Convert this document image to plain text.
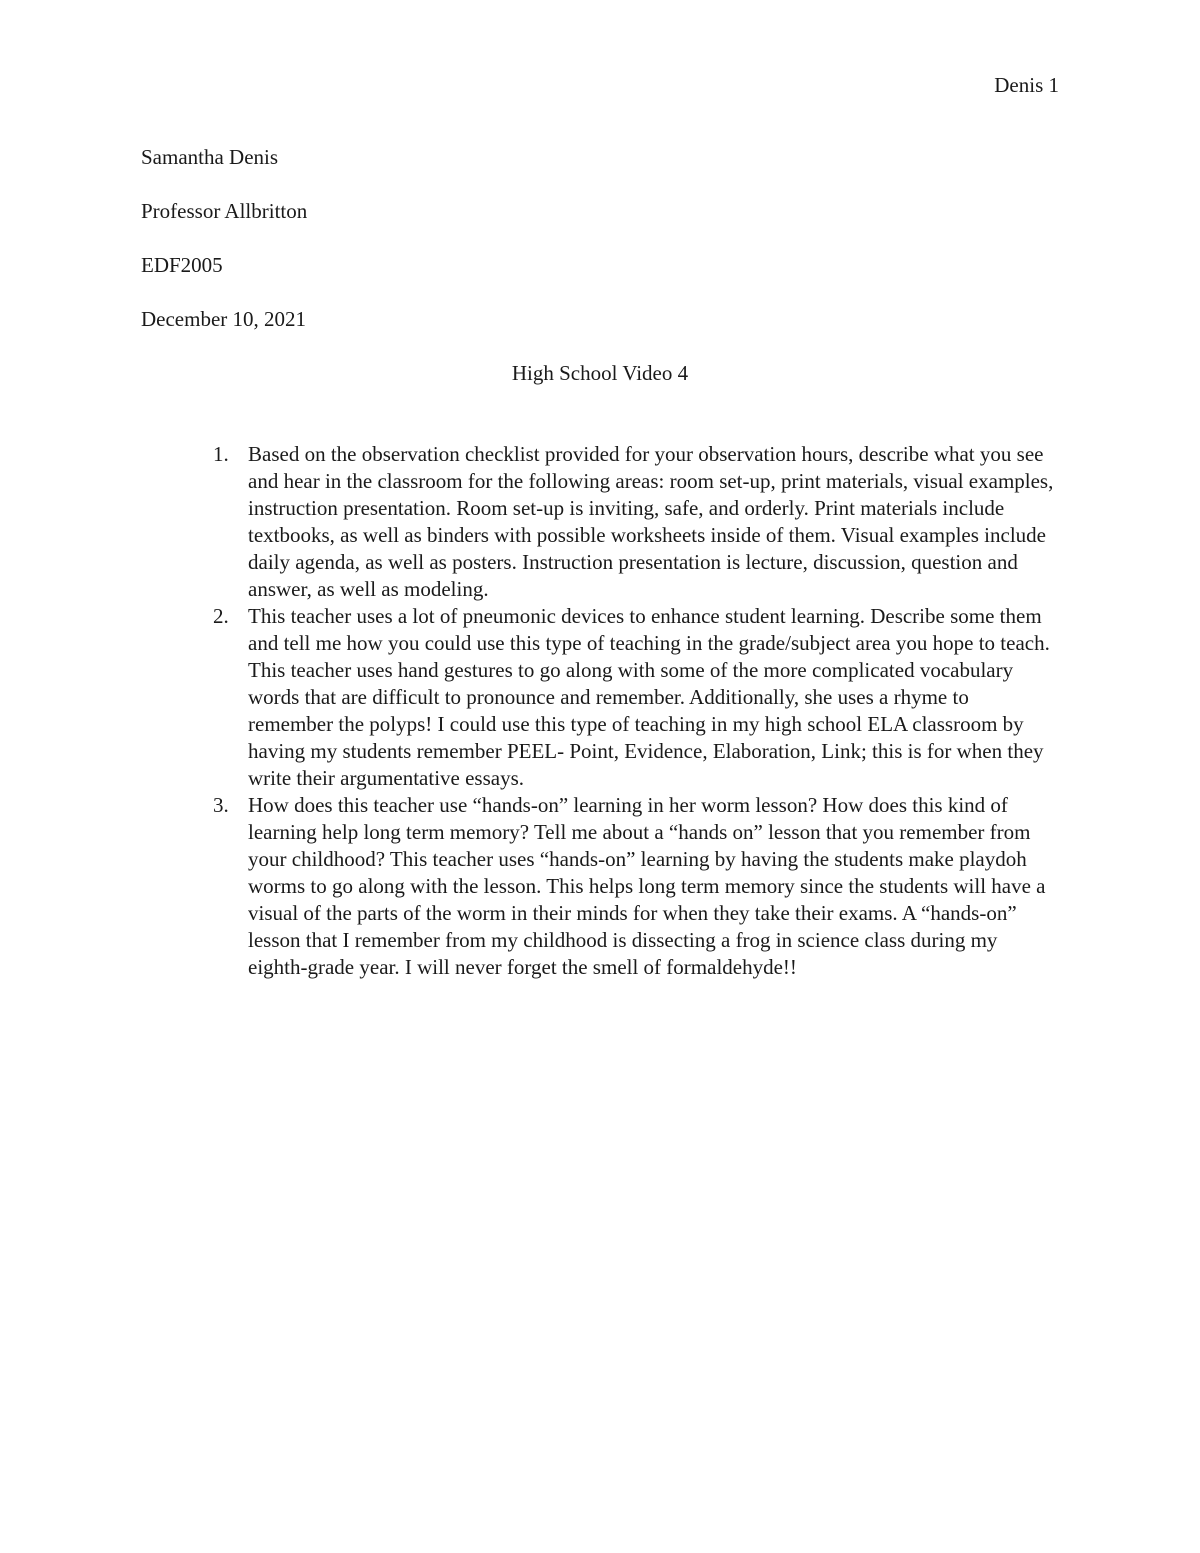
Denis 1
Samantha Denis
Professor Allbritton
EDF2005
December 10, 2021
High School Video 4
1. Based on the observation checklist provided for your observation hours, describe what you see and hear in the classroom for the following areas: room set-up, print materials, visual examples, instruction presentation. Room set-up is inviting, safe, and orderly. Print materials include textbooks, as well as binders with possible worksheets inside of them. Visual examples include daily agenda, as well as posters. Instruction presentation is lecture, discussion, question and answer, as well as modeling.
2. This teacher uses a lot of pneumonic devices to enhance student learning. Describe some them and tell me how you could use this type of teaching in the grade/subject area you hope to teach. This teacher uses hand gestures to go along with some of the more complicated vocabulary words that are difficult to pronounce and remember. Additionally, she uses a rhyme to remember the polyps! I could use this type of teaching in my high school ELA classroom by having my students remember PEEL- Point, Evidence, Elaboration, Link; this is for when they write their argumentative essays.
3. How does this teacher use “hands-on” learning in her worm lesson? How does this kind of learning help long term memory? Tell me about a “hands on” lesson that you remember from your childhood? This teacher uses “hands-on” learning by having the students make playdoh worms to go along with the lesson. This helps long term memory since the students will have a visual of the parts of the worm in their minds for when they take their exams. A “hands-on” lesson that I remember from my childhood is dissecting a frog in science class during my eighth-grade year. I will never forget the smell of formaldehyde!!
